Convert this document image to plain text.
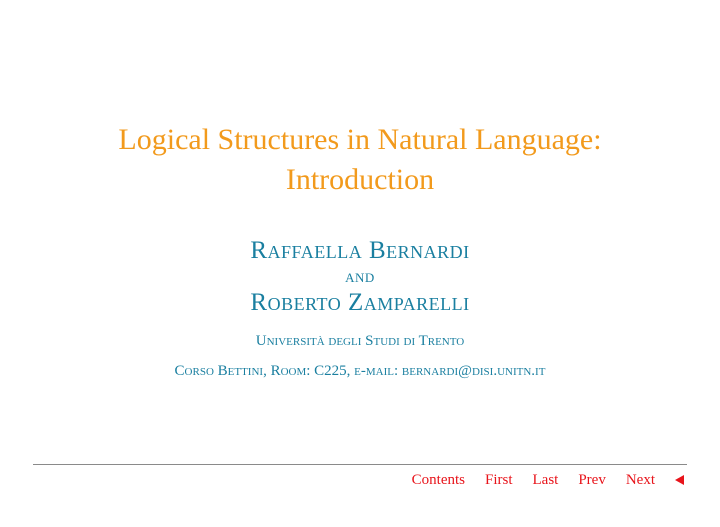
Logical Structures in Natural Language:
Introduction
Raffaella Bernardi
and
Roberto Zamparelli
Università degli Studi di Trento
Corso Bettini, Room: C225, e-mail: bernardi@disi.unitn.it
Contents First Last Prev Next
